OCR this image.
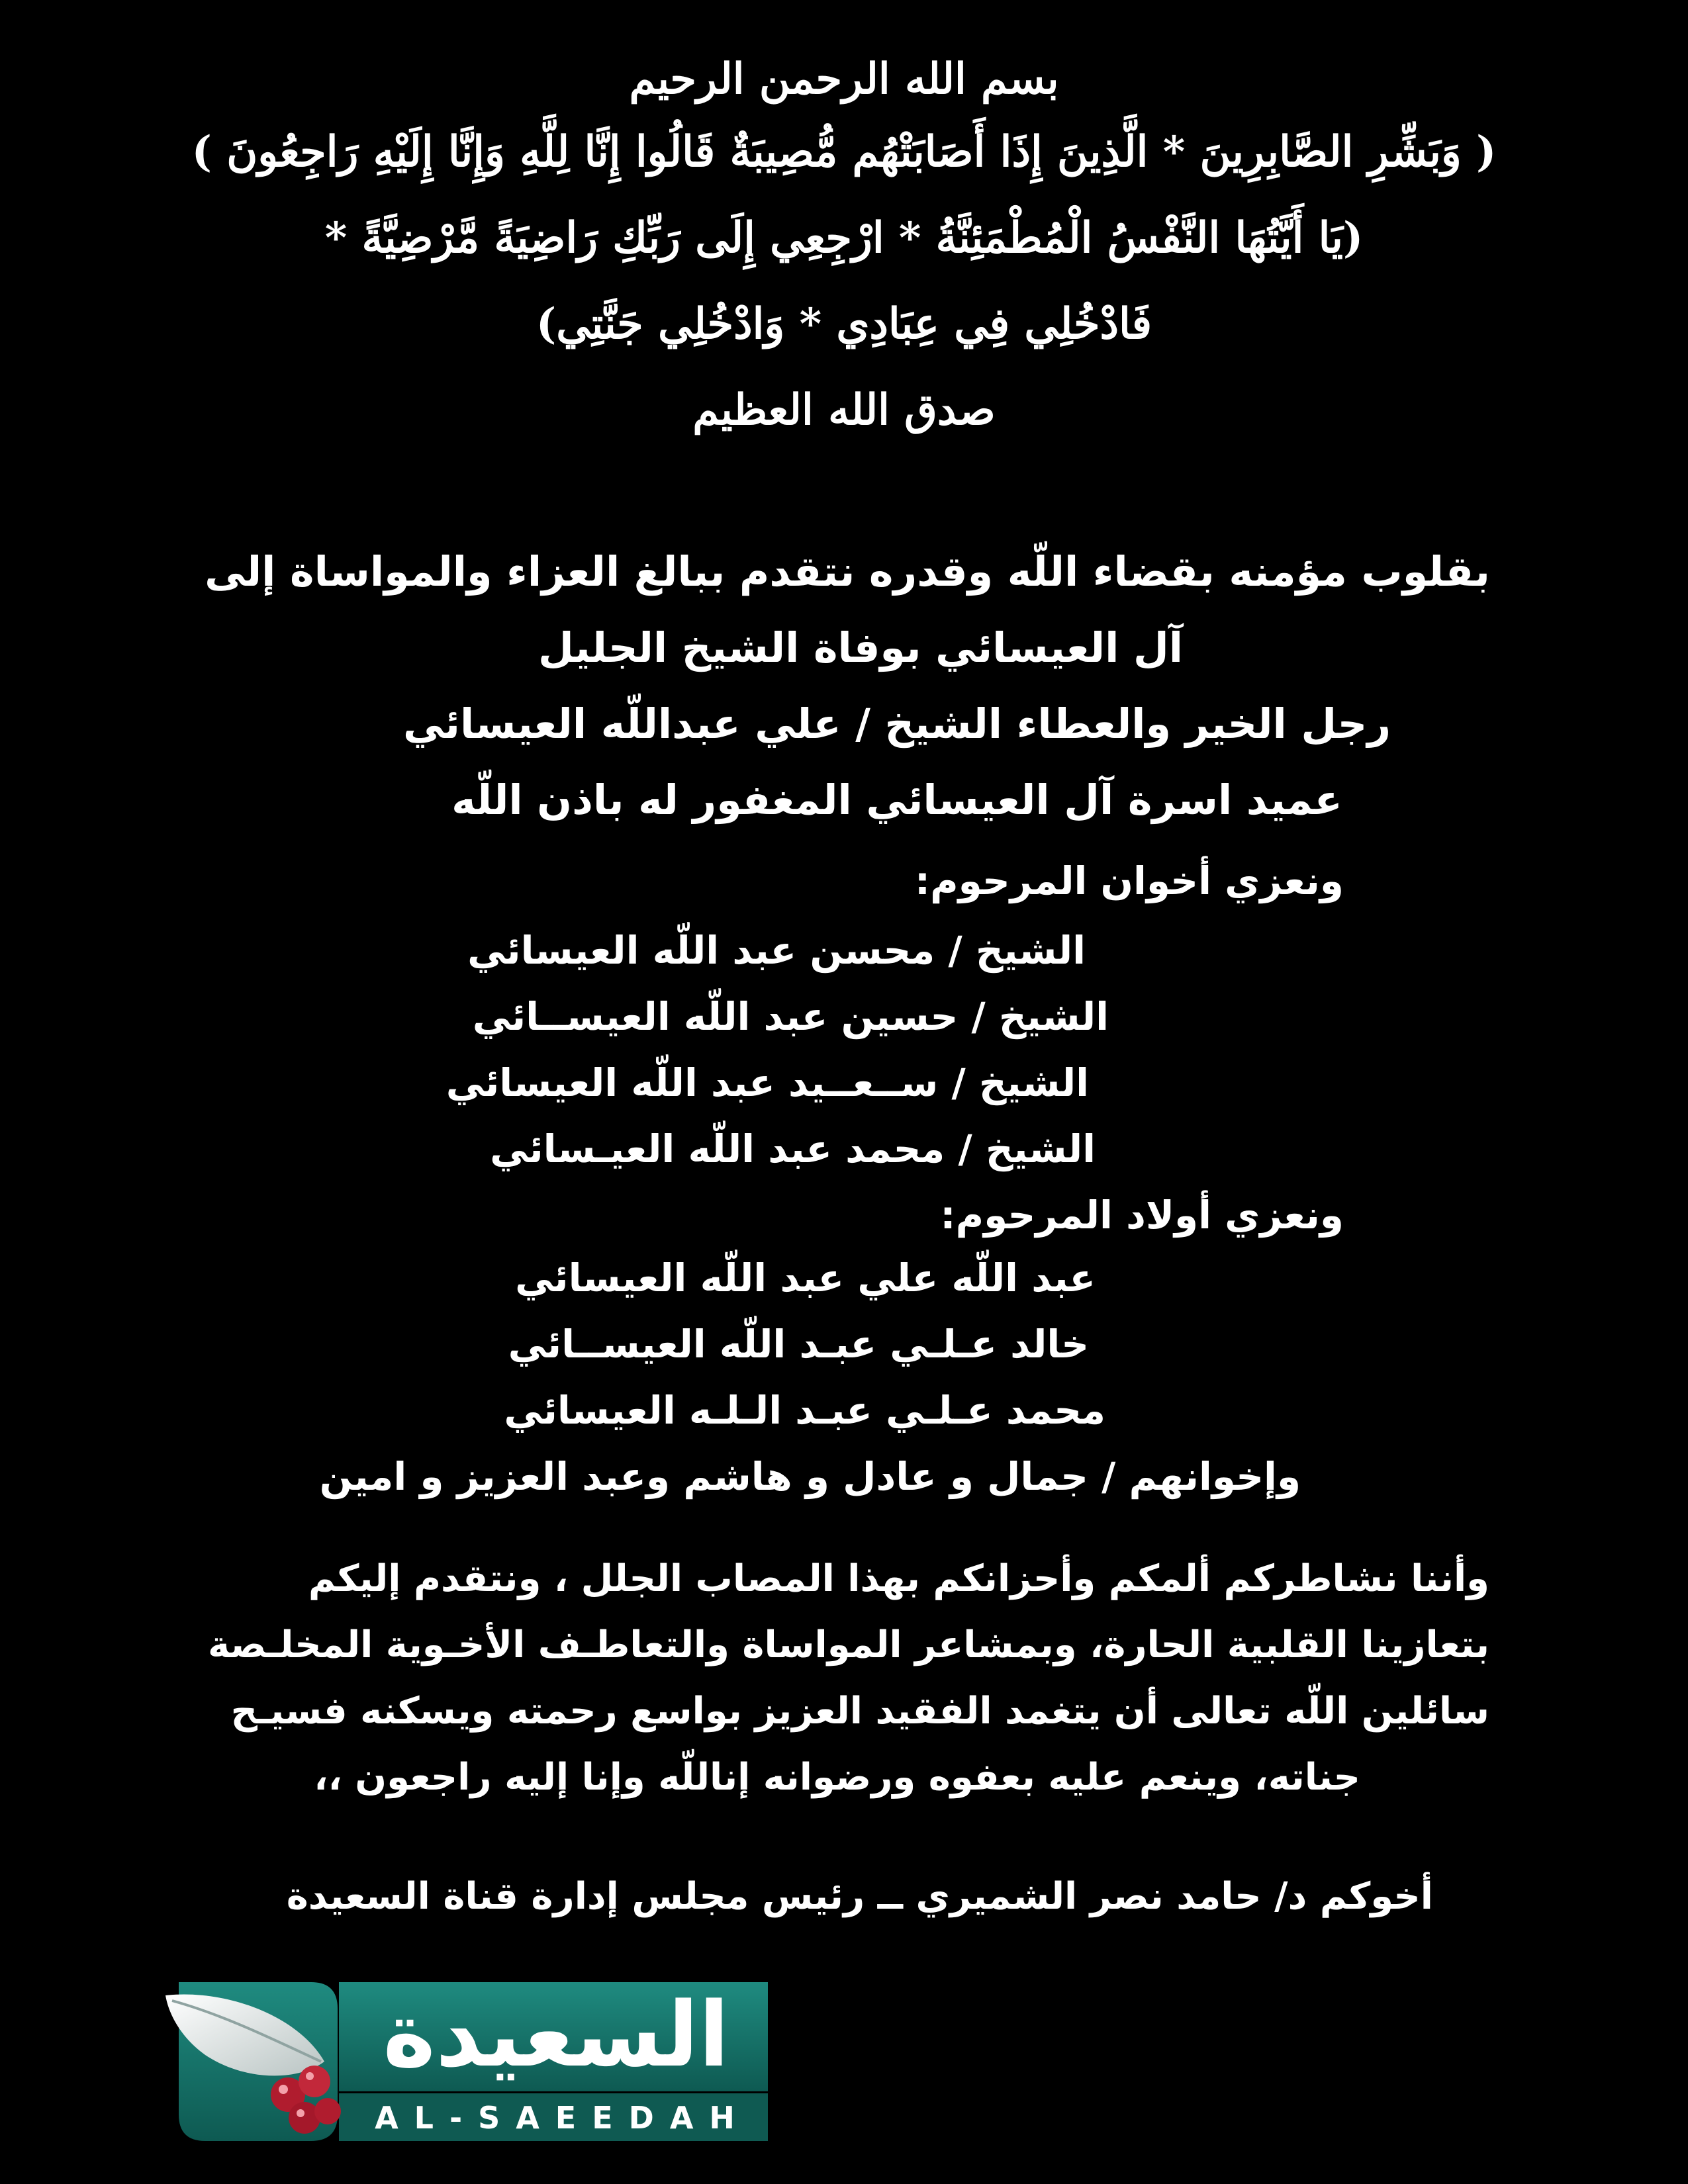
بسم الله الرحمن الرحيم
( وَبَشِّرِ الصَّابِرِينَ * الَّذِينَ إِذَا أَصَابَتْهُم مُّصِيبَةٌ قَالُوا إِنَّا لِلَّهِ وَإِنَّا إِلَيْهِ رَاجِعُونَ )
(يَا أَيَّتُهَا النَّفْسُ الْمُطْمَئِنَّةُ * ارْجِعِي إِلَى رَبِّكِ رَاضِيَةً مَّرْضِيَّةً *
فَادْخُلِي فِي عِبَادِي * وَادْخُلِي جَنَّتِي)
صدق الله العظيم
بقلوب مؤمنه بقضاء اللّه وقدره نتقدم ببالغ العزاء والمواساة إلى
آل العيسائي بوفاة الشيخ الجليل
رجل الخير والعطاء الشيخ / علي عبداللّه العيسائي
عميد اسرة آل العيسائي المغفور له باذن اللّه
ونعزي أخوان المرحوم:
الشيخ / محسن عبد اللّه العيسائي
الشيخ / حسين عبد اللّه العيســائي
الشيخ / ســعــيد عبد اللّه العيسائي
الشيخ / محمد عبد اللّه العيـسائي
ونعزي أولاد المرحوم:
عبد اللّه علي عبد اللّه العيسائي
خالد عـلـي عبـد اللّه العيســائي
محمد عـلـي عبـد الـلـه العيسائي
وإخوانهم / جمال و عادل و هاشم وعبد العزيز و امين
وأننا نشاطركم ألمكم وأحزانكم بهذا المصاب الجلل ، ونتقدم إليكم
بتعازينا القلبية الحارة، وبمشاعر المواساة والتعاطـف الأخـوية المخلـصة
سائلين اللّه تعالى أن يتغمد الفقيد العزيز بواسع رحمته ويسكنه فسيـح
جناته، وينعم عليه بعفوه ورضوانه إناللّه وإنا إليه راجعون ،،
أخوكم د/ حامد نصر الشميري ــ رئيس مجلس إدارة قناة السعيدة
السعيدة
AL-SAEEDAH
